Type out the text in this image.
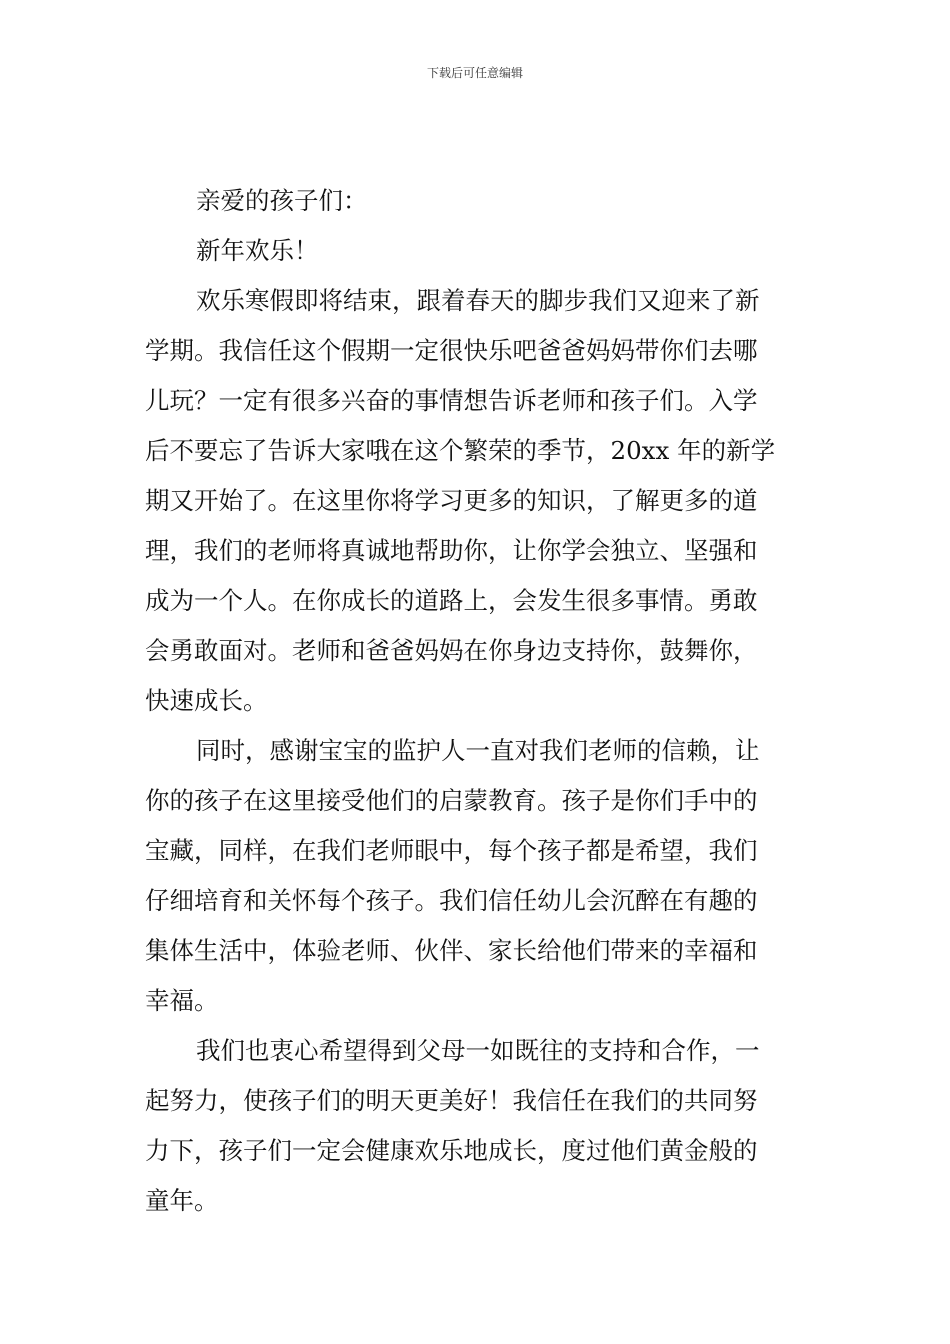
下载后可任意编辑
亲爱的孩子们：
新年欢乐！
欢乐寒假即将结束，跟着春天的脚步我们又迎来了新
学期。我信任这个假期一定很快乐吧爸爸妈妈带你们去哪
儿玩？一定有很多兴奋的事情想告诉老师和孩子们。入学
后不要忘了告诉大家哦在这个繁荣的季节，20xx 年的新学
期又开始了。在这里你将学习更多的知识，了解更多的道
理，我们的老师将真诚地帮助你，让你学会独立、坚强和
成为一个人。在你成长的道路上，会发生很多事情。勇敢
会勇敢面对。老师和爸爸妈妈在你身边支持你，鼓舞你，
快速成长。
同时，感谢宝宝的监护人一直对我们老师的信赖，让
你的孩子在这里接受他们的启蒙教育。孩子是你们手中的
宝藏，同样，在我们老师眼中，每个孩子都是希望，我们
仔细培育和关怀每个孩子。我们信任幼儿会沉醉在有趣的
集体生活中，体验老师、伙伴、家长给他们带来的幸福和
幸福。
我们也衷心希望得到父母一如既往的支持和合作，一
起努力，使孩子们的明天更美好！我信任在我们的共同努
力下，孩子们一定会健康欢乐地成长，度过他们黄金般的
童年。
